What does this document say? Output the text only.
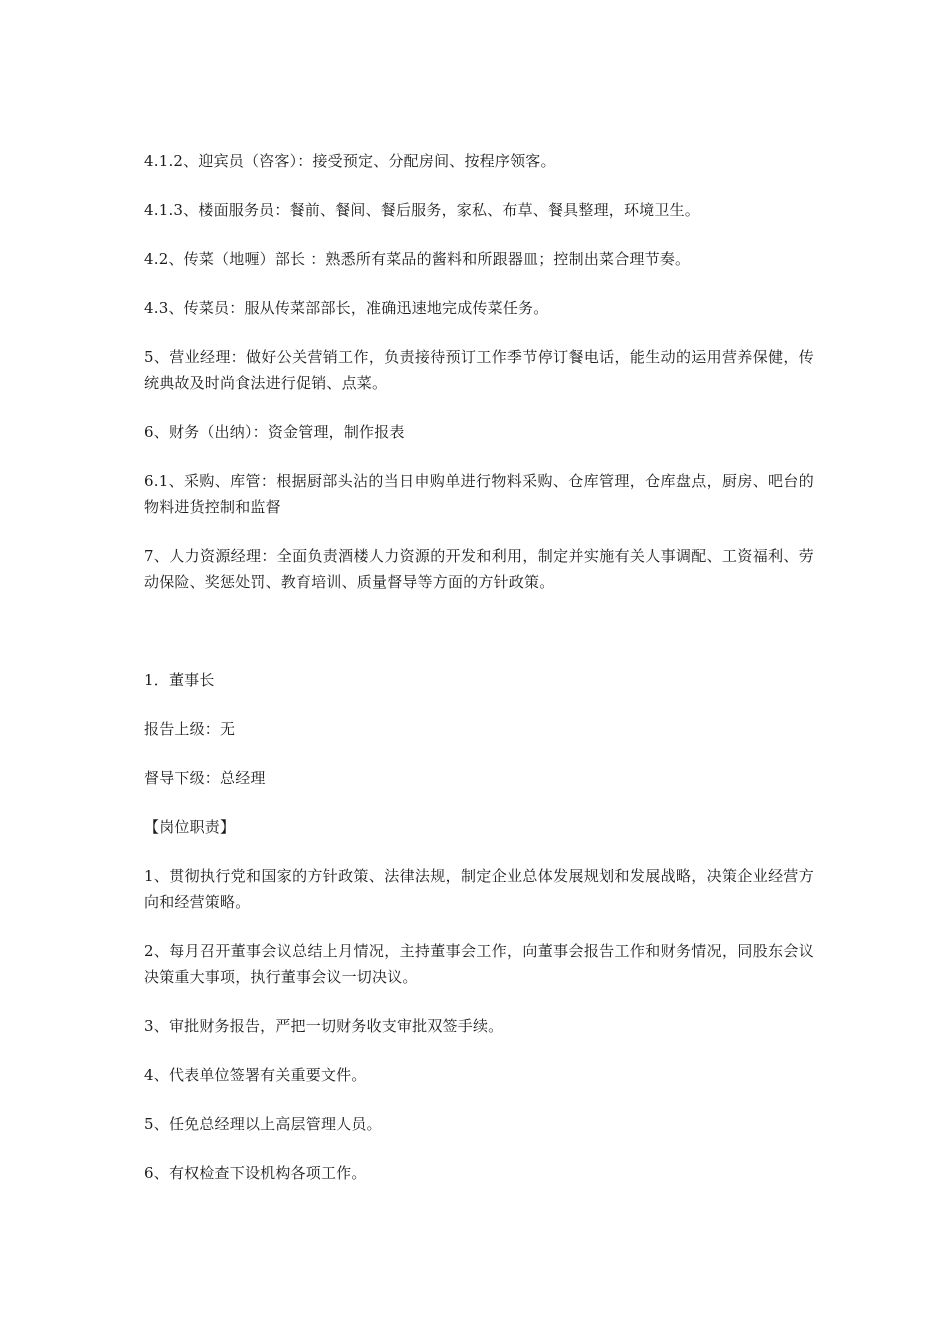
4.1.2、迎宾员（咨客）：接受预定、分配房间、按程序领客。

4.1.3、楼面服务员：餐前、餐间、餐后服务，家私、布草、餐具整理，环境卫生。

4.2、传菜（地喱）部长 ：熟悉所有菜品的酱料和所跟器皿；控制出菜合理节奏。

4.3、传菜员：服从传菜部部长，准确迅速地完成传菜任务。

5、营业经理：做好公关营销工作，负责接待预订工作季节停订餐电话，能生动的运用营养保健，传统典故及时尚食法进行促销、点菜。

6、财务（出纳）：资金管理，制作报表

6.1、采购、库管：根据厨部头沾的当日申购单进行物料采购、仓库管理，仓库盘点，厨房、吧台的物料进货控制和监督

7、人力资源经理：全面负责酒楼人力资源的开发和利用，制定并实施有关人事调配、工资福利、劳动保险、奖惩处罚、教育培训、质量督导等方面的方针政策。

1．董事长

报告上级：无

督导下级：总经理

【岗位职责】

1、贯彻执行党和国家的方针政策、法律法规，制定企业总体发展规划和发展战略，决策企业经营方向和经营策略。

2、每月召开董事会议总结上月情况，主持董事会工作，向董事会报告工作和财务情况，同股东会议决策重大事项，执行董事会议一切决议。

3、审批财务报告，严把一切财务收支审批双签手续。

4、代表单位签署有关重要文件。

5、任免总经理以上高层管理人员。

6、有权检查下设机构各项工作。
